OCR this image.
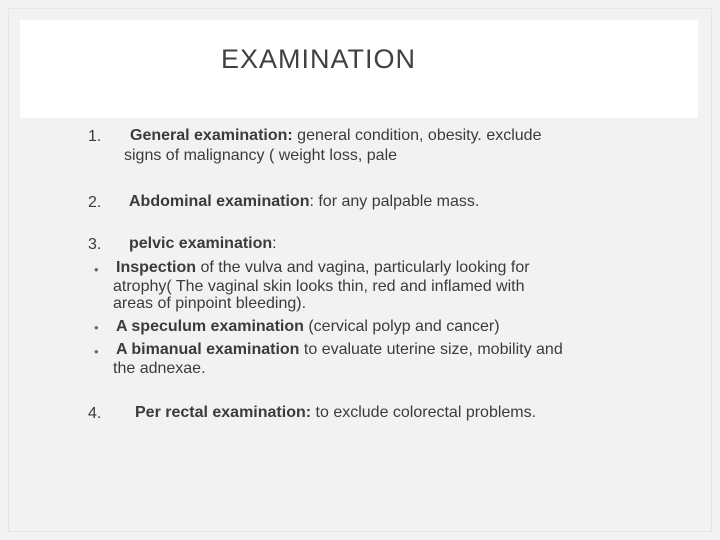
EXAMINATION
1. General examination: general condition, obesity. exclude
signs of malignancy ( weight loss, pale
2. Abdominal examination: for any palpable mass.
3. pelvic examination:
• Inspection of the vulva and vagina, particularly looking for
atrophy( The vaginal skin looks thin, red and inflamed with
areas of pinpoint bleeding).
• A speculum examination (cervical polyp and cancer)
• A bimanual examination to evaluate uterine size, mobility and
the adnexae.
4. Per rectal examination: to exclude colorectal problems.
